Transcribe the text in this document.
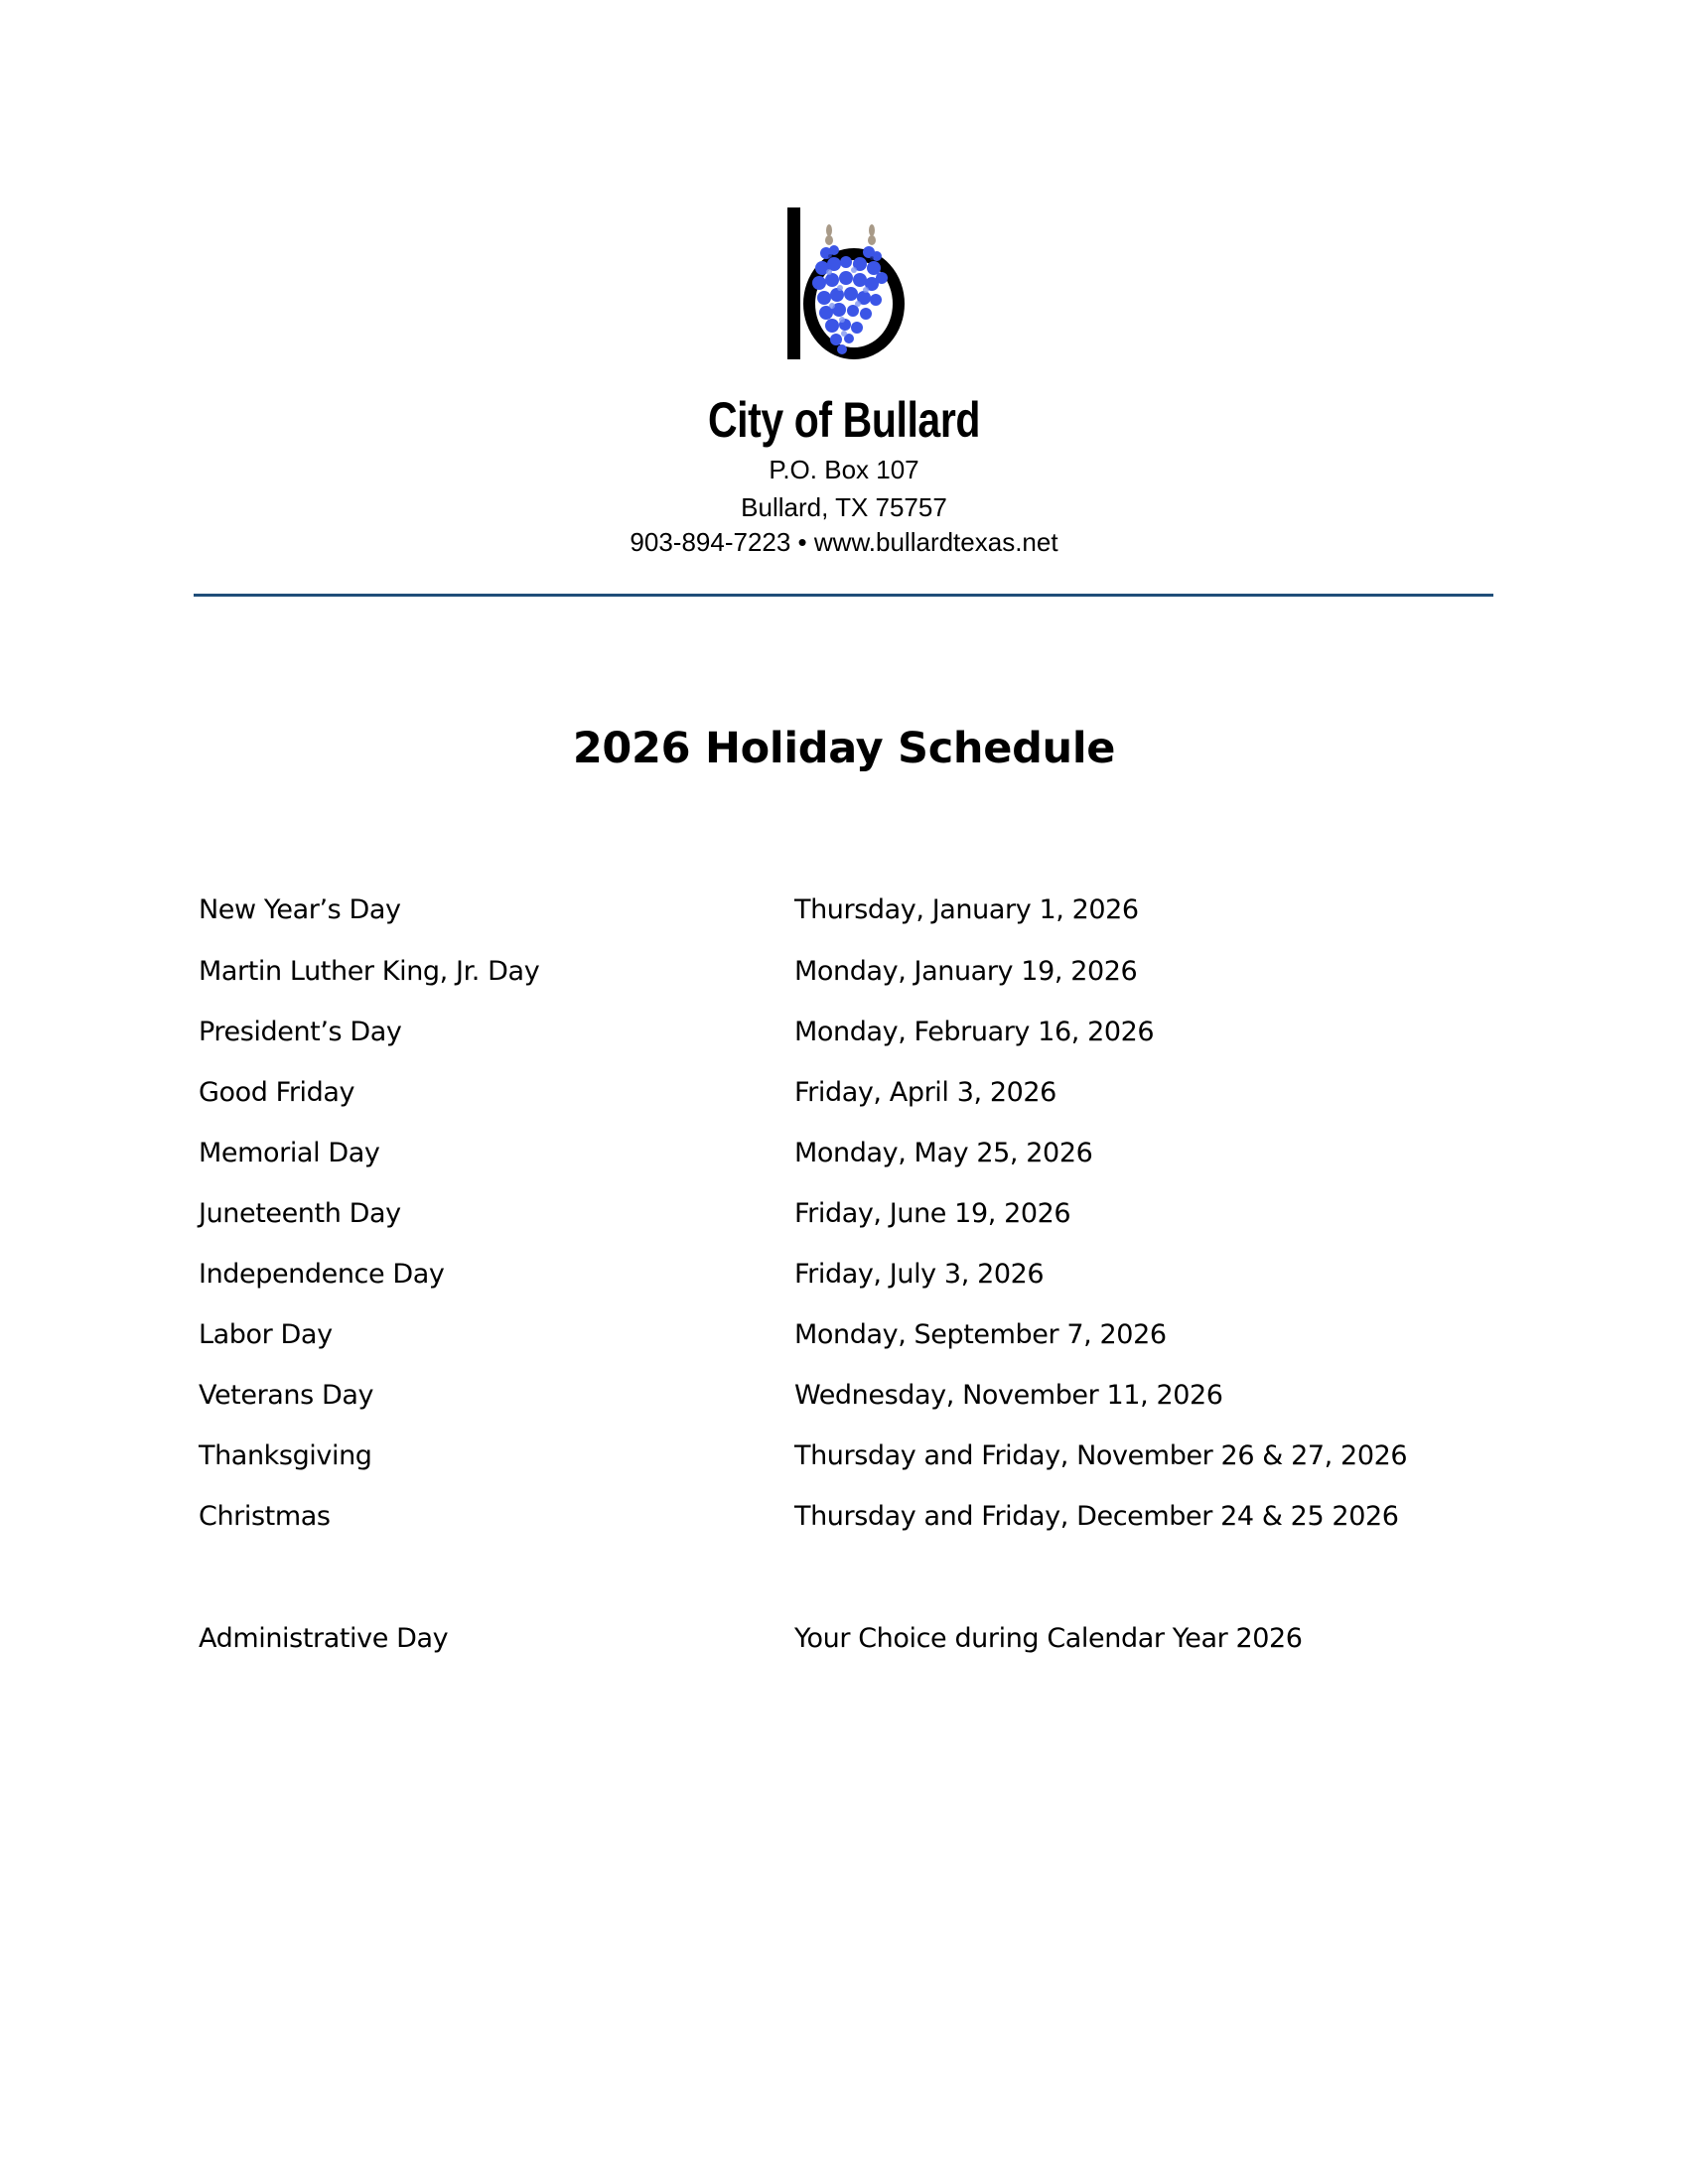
City of Bullard
P.O. Box 107
Bullard, TX 75757
903-894-7223 • www.bullardtexas.net
2026 Holiday Schedule
New Year’s Day	Thursday, January 1, 2026
Martin Luther King, Jr. Day	Monday, January 19, 2026
President’s Day	Monday, February 16, 2026
Good Friday	Friday, April 3, 2026
Memorial Day	Monday, May 25, 2026
Juneteenth Day	Friday, June 19, 2026
Independence Day	Friday, July 3, 2026
Labor Day	Monday, September 7, 2026
Veterans Day	Wednesday, November 11, 2026
Thanksgiving	Thursday and Friday, November 26 & 27, 2026
Christmas	Thursday and Friday, December 24 & 25 2026
Administrative Day	Your Choice during Calendar Year 2026
